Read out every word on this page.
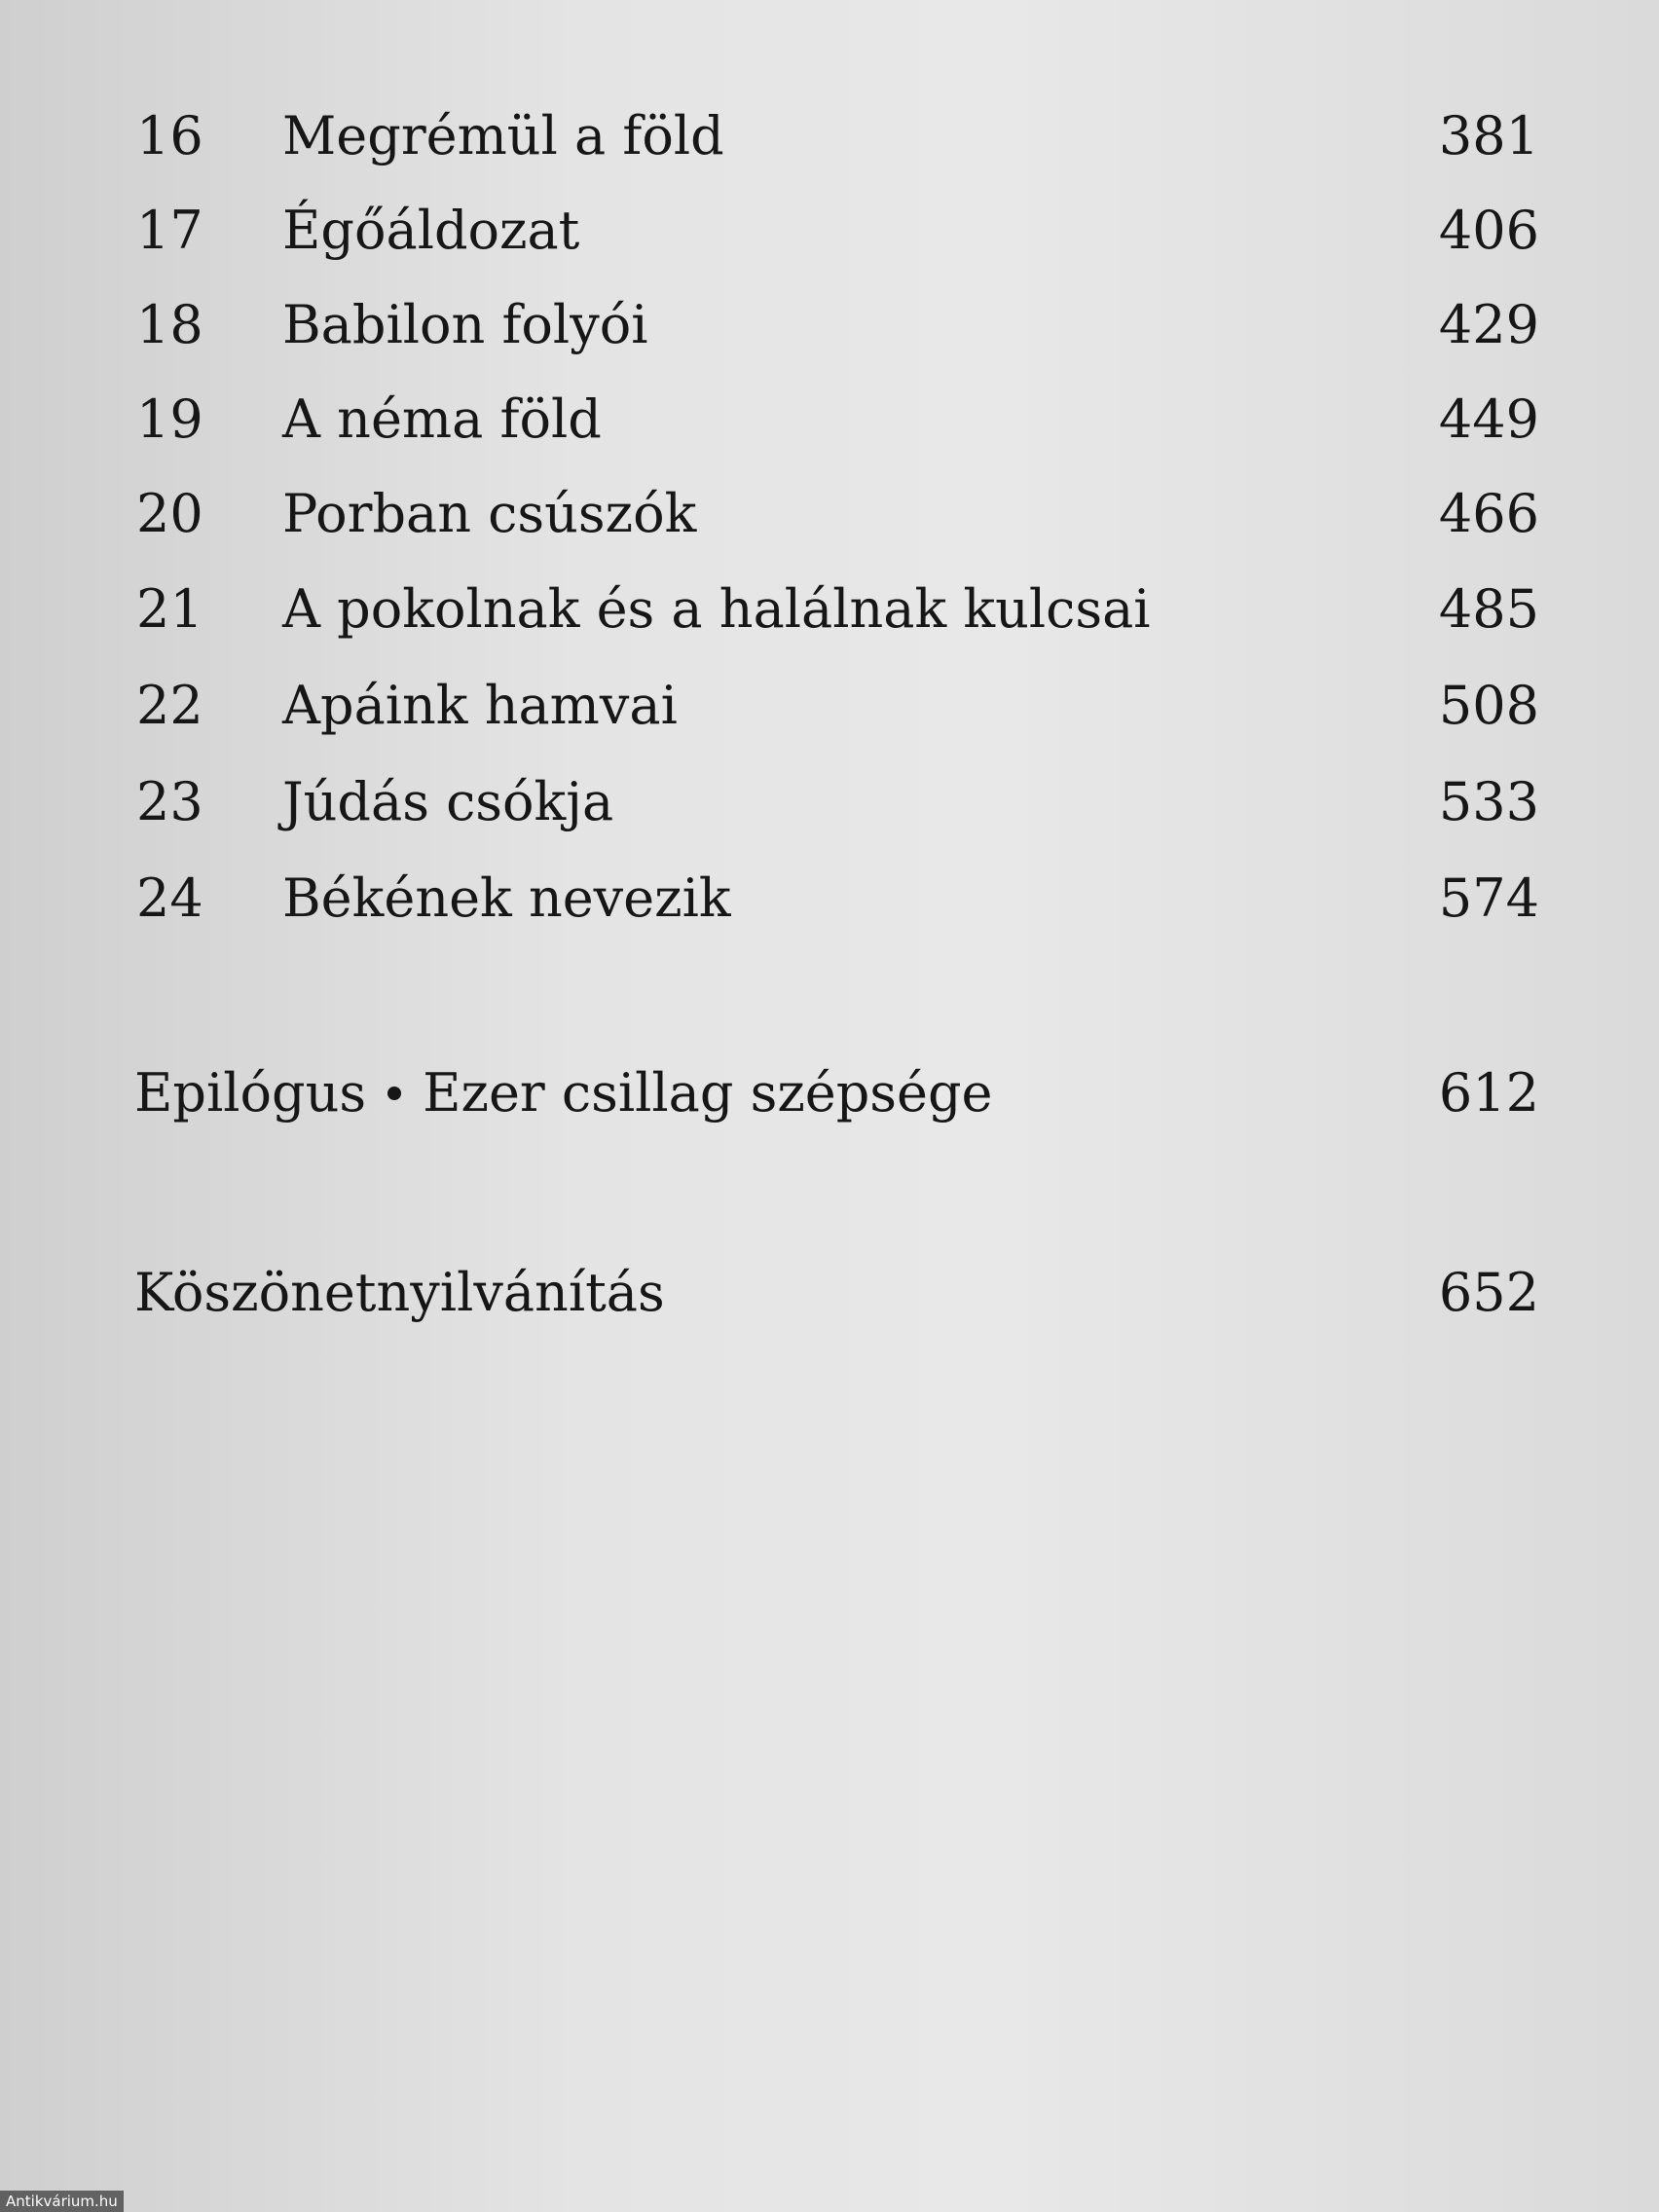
16	Megrémül a föld	381
17	Égőáldozat	406
18	Babilon folyói	429
19	A néma föld	449
20	Porban csúszók	466
21	A pokolnak és a halálnak kulcsai	485
22	Apáink hamvai	508
23	Júdás csókja	533
24	Békének nevezik	574
Epilógus Ezer csillag szépsége	612
Köszönetnyilvánítás	652
Antikvárium.hu
